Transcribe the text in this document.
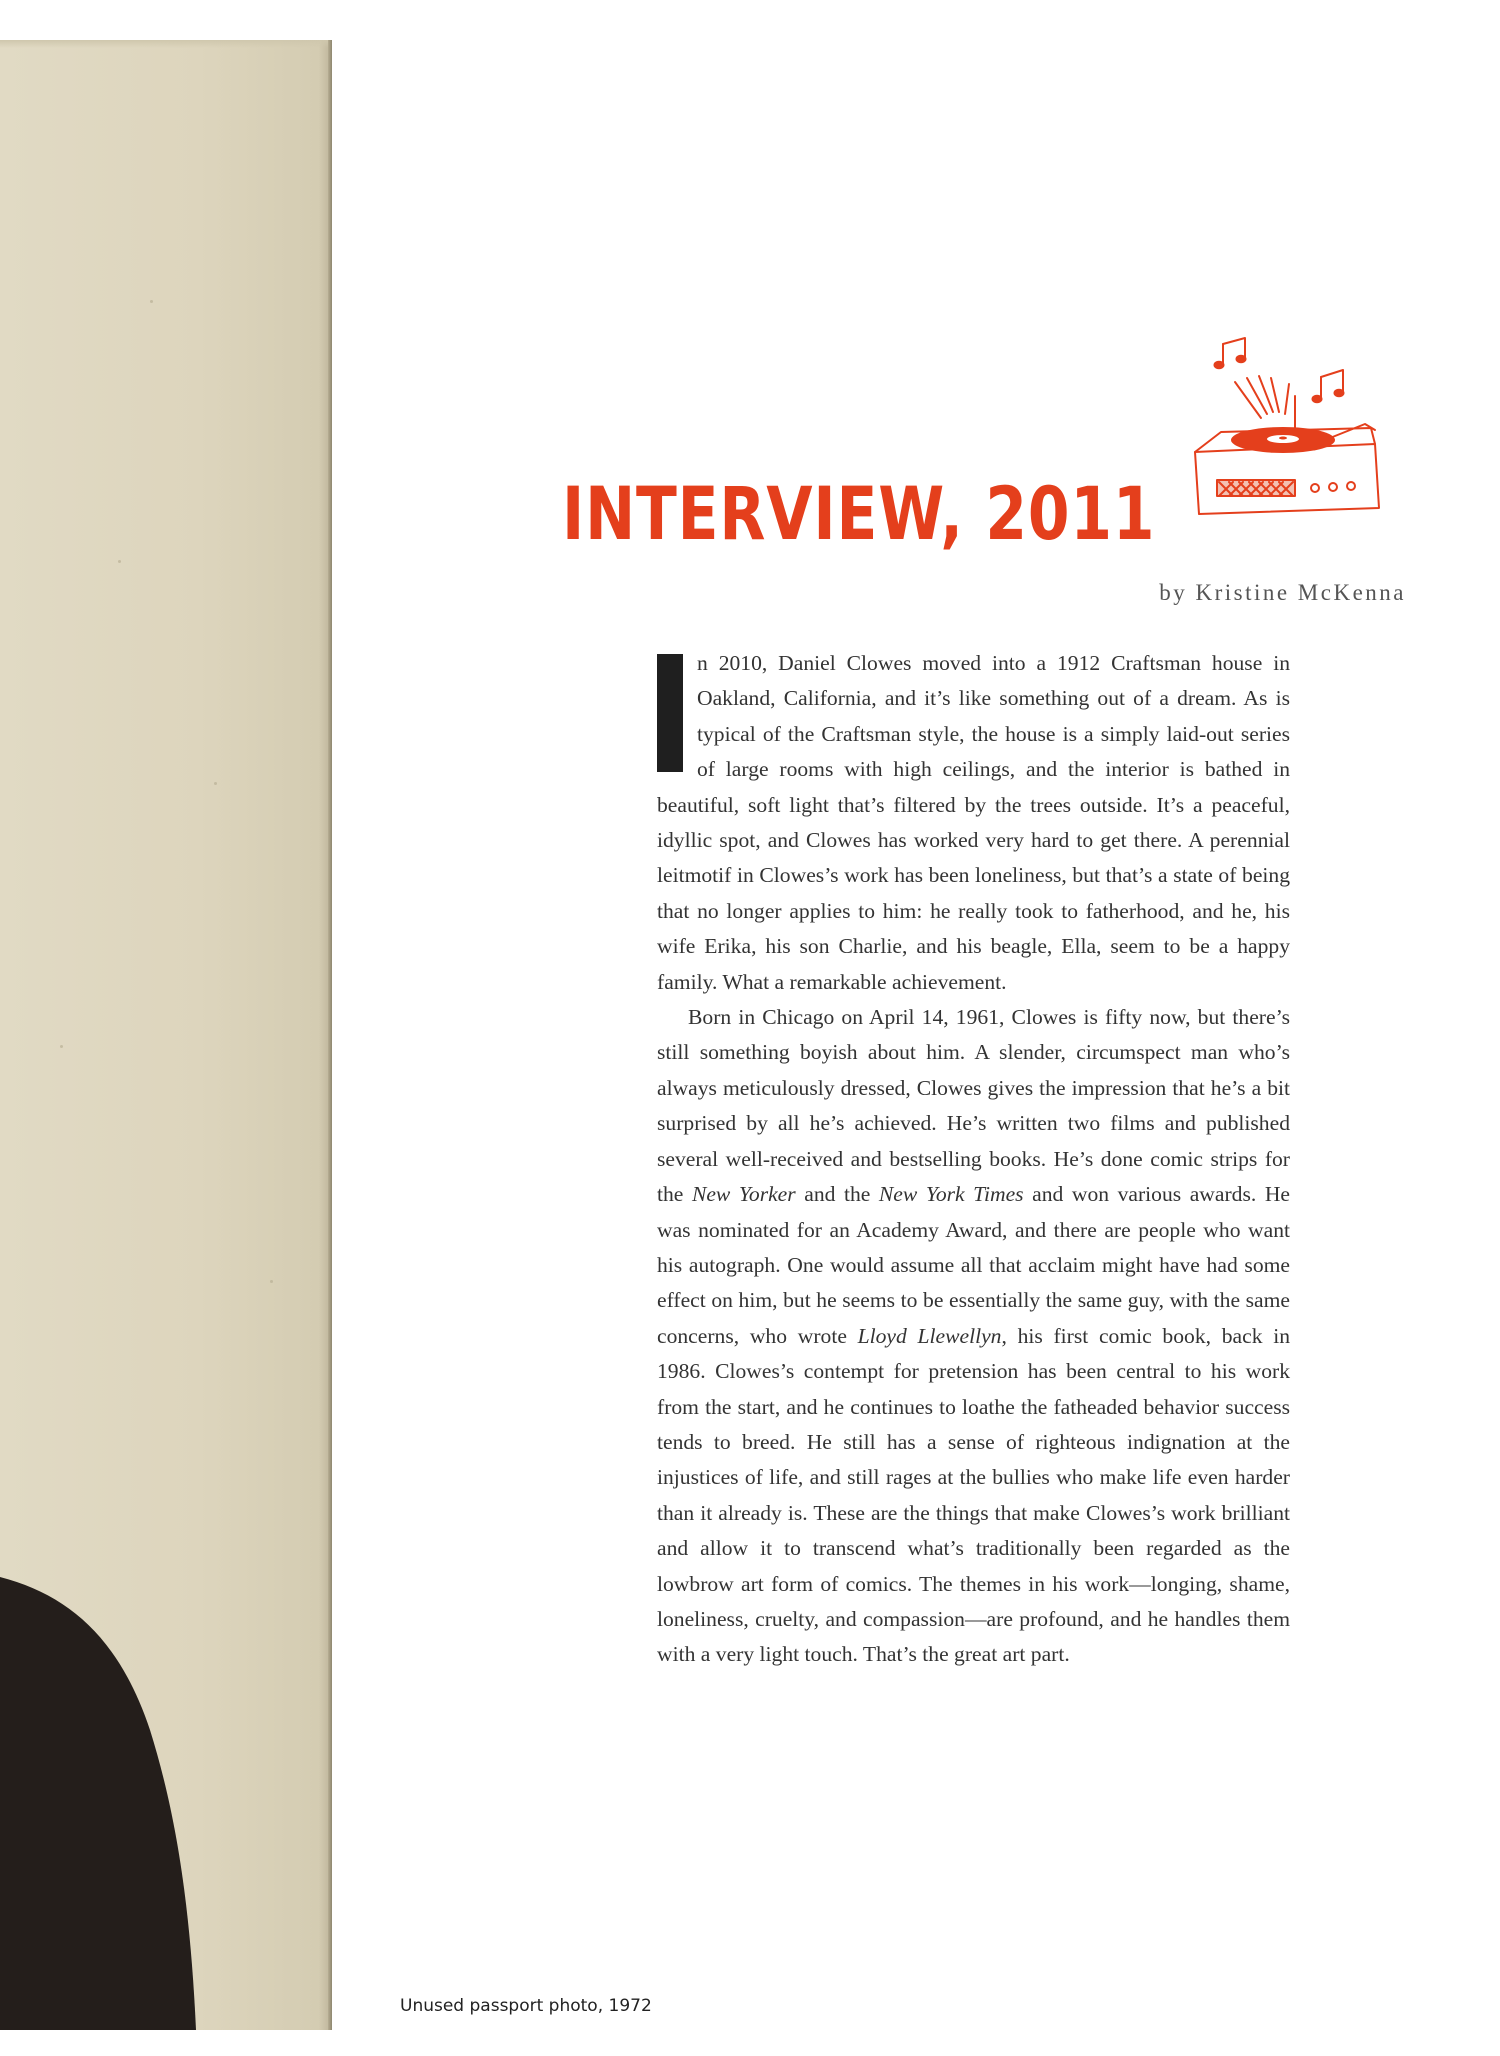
INTERVIEW, 2011
by Kristine McKenna

n 2010, Daniel Clowes moved into a 1912 Craftsman house in Oakland, California, and it’s like something out of a dream. As is typical of the Craftsman style, the house is a simply laid-out series of large rooms with high ceilings, and the interior is bathed in beautiful, soft light that’s filtered by the trees outside. It’s a peaceful, idyllic spot, and Clowes has worked very hard to get there. A perennial leitmotif in Clowes’s work has been loneliness, but that’s a state of being that no longer applies to him: he really took to fatherhood, and he, his wife Erika, his son Charlie, and his beagle, Ella, seem to be a happy family. What a remarkable achievement.

Born in Chicago on April 14, 1961, Clowes is fifty now, but there’s still something boyish about him. A slender, circumspect man who’s always meticulously dressed, Clowes gives the impression that he’s a bit surprised by all he’s achieved. He’s written two films and published several well-received and bestselling books. He’s done comic strips for the New Yorker and the New York Times and won various awards. He was nominated for an Academy Award, and there are people who want his autograph. One would assume all that acclaim might have had some effect on him, but he seems to be essentially the same guy, with the same concerns, who wrote Lloyd Llewellyn, his first comic book, back in 1986. Clowes’s contempt for pretension has been central to his work from the start, and he continues to loathe the fatheaded behavior success tends to breed. He still has a sense of righteous indignation at the injustices of life, and still rages at the bullies who make life even harder than it already is. These are the things that make Clowes’s work brilliant and allow it to transcend what’s traditionally been regarded as the lowbrow art form of comics. The themes in his work—longing, shame, loneliness, cruelty, and compassion—are profound, and he handles them with a very light touch. That’s the great art part.

Unused passport photo, 1972
